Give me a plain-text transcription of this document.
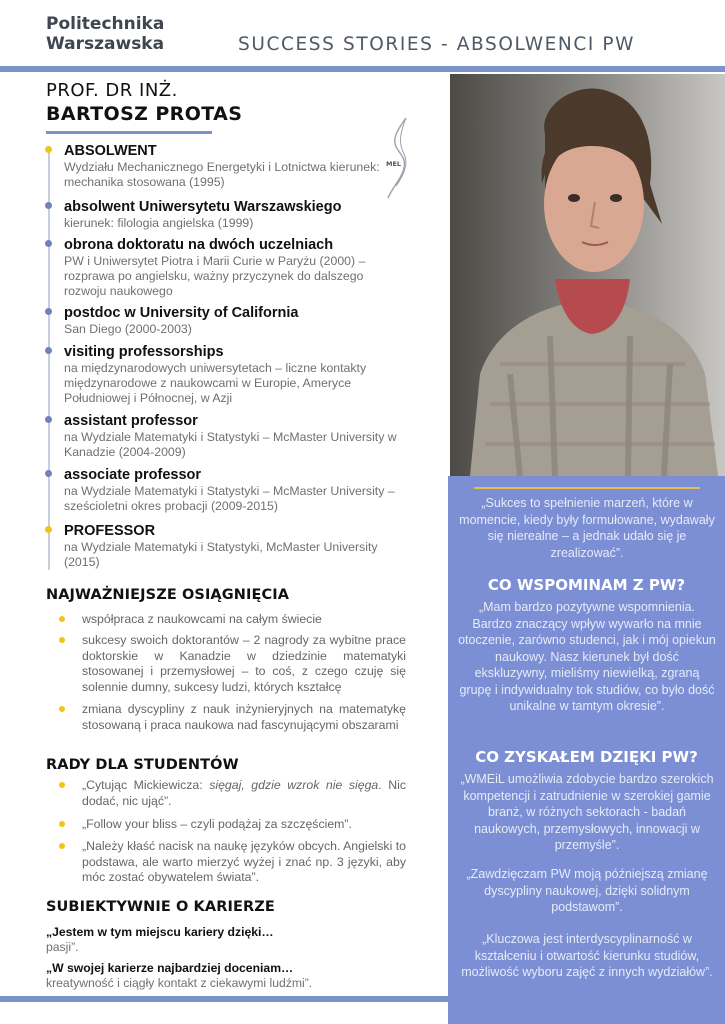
Politechnika
Warszawska	SUCCESS STORIES - ABSOLWENCI PW
PROF. DR INŻ.
BARTOSZ PROTAS
MEL
ABSOLWENT
Wydziału Mechanicznego Energetyki i Lotnictwa kierunek: mechanika stosowana (1995)
absolwent Uniwersytetu Warszawskiego
kierunek: filologia angielska (1999)
obrona doktoratu na dwóch uczelniach
PW i Uniwersytet Piotra i Marii Curie w Paryżu (2000) – rozprawa po angielsku, ważny przyczynek do dalszego rozwoju naukowego
postdoc w University of California
San Diego (2000-2003)
visiting professorships
na międzynarodowych uniwersytetach – liczne kontakty międzynarodowe z naukowcami w Europie, Ameryce Południowej i Północnej, w Azji
assistant professor
na Wydziale Matematyki i Statystyki – McMaster University w Kanadzie (2004-2009)
associate professor
na Wydziale Matematyki i Statystyki – McMaster University – sześcioletni okres probacji (2009-2015)
PROFESSOR
na Wydziale Matematyki i Statystyki, McMaster University (2015)
NAJWAŻNIEJSZE OSIĄGNIĘCIA
współpraca z naukowcami na całym świecie
sukcesy swoich doktorantów – 2 nagrody za wybitne prace doktorskie w Kanadzie w dziedzinie matematyki stosowanej i przemysłowej – to coś, z czego czuję się solennie dumny, sukcesy ludzi, których kształcę
zmiana dyscypliny z nauk inżynieryjnych na matematykę stosowaną i praca naukowa nad fascynującymi obszarami
RADY DLA STUDENTÓW
„Cytując Mickiewicza: sięgaj, gdzie wzrok nie sięga. Nic dodać, nic ująć”.
„Follow your bliss – czyli podążaj za szczęściem”.
„Należy kłaść nacisk na naukę języków obcych. Angielski to podstawa, ale warto mierzyć wyżej i znać np. 3 języki, aby móc zostać obywatelem świata”.
SUBIEKTYWNIE O KARIERZE
„Jestem w tym miejscu kariery dzięki…
pasji”.
„W swojej karierze najbardziej doceniam…
kreatywność i ciągły kontakt z ciekawymi ludźmi”.
„Sukces to spełnienie marzeń, które w momencie, kiedy były formułowane, wydawały się nierealne – a jednak udało się je zrealizować”.
CO WSPOMINAM Z PW?
„Mam bardzo pozytywne wspomnienia. Bardzo znaczący wpływ wywarło na mnie otoczenie, zarówno studenci, jak i mój opiekun naukowy. Nasz kierunek był dość ekskluzywny, mieliśmy niewielką, zgraną grupę i indywidualny tok studiów, co było dość unikalne w tamtym okresie”.
CO ZYSKAŁEM DZIĘKI PW?
„WMEiL umożliwia zdobycie bardzo szerokich kompetencji i zatrudnienie w szerokiej gamie branż, w różnych sektorach - badań naukowych, przemysłowych, innowacji w przemyśle”.
„Zawdzięczam PW moją późniejszą zmianę dyscypliny naukowej, dzięki solidnym podstawom”.
„Kluczowa jest interdyscyplinarność w kształceniu i otwartość kierunku studiów, możliwość wyboru zajęć z innych wydziałów”.
